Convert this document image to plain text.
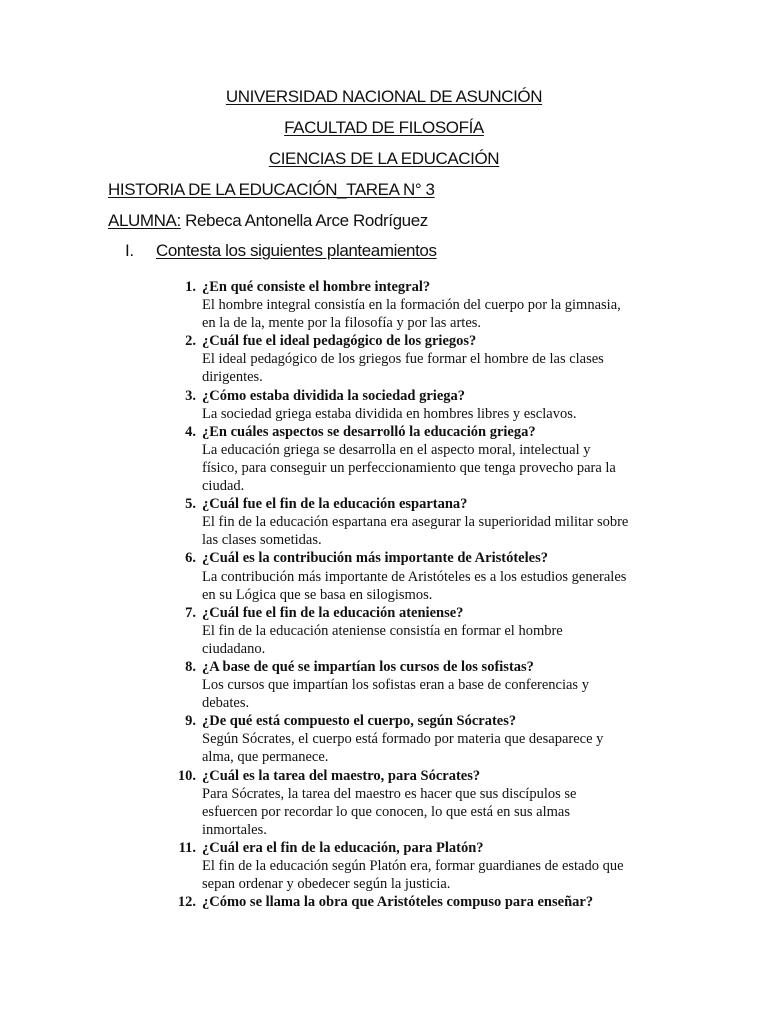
UNIVERSIDAD NACIONAL DE ASUNCIÓN
FACULTAD DE FILOSOFÍA
CIENCIAS DE LA EDUCACIÓN
HISTORIA DE LA EDUCACIÓN_TAREA N° 3
ALUMNA: Rebeca Antonella Arce Rodríguez
I. Contesta los siguientes planteamientos
1. ¿En qué consiste el hombre integral?
El hombre integral consistía en la formación del cuerpo por la gimnasia,
en la de la, mente por la filosofía y por las artes.
2. ¿Cuál fue el ideal pedagógico de los griegos?
El ideal pedagógico de los griegos fue formar el hombre de las clases
dirigentes.
3. ¿Cómo estaba dividida la sociedad griega?
La sociedad griega estaba dividida en hombres libres y esclavos.
4. ¿En cuáles aspectos se desarrolló la educación griega?
La educación griega se desarrolla en el aspecto moral, intelectual y
físico, para conseguir un perfeccionamiento que tenga provecho para la
ciudad.
5. ¿Cuál fue el fin de la educación espartana?
El fin de la educación espartana era asegurar la superioridad militar sobre
las clases sometidas.
6. ¿Cuál es la contribución más importante de Aristóteles?
La contribución más importante de Aristóteles es a los estudios generales
en su Lógica que se basa en silogismos.
7. ¿Cuál fue el fin de la educación ateniense?
El fin de la educación ateniense consistía en formar el hombre
ciudadano.
8. ¿A base de qué se impartían los cursos de los sofistas?
Los cursos que impartían los sofistas eran a base de conferencias y
debates.
9. ¿De qué está compuesto el cuerpo, según Sócrates?
Según Sócrates, el cuerpo está formado por materia que desaparece y
alma, que permanece.
10. ¿Cuál es la tarea del maestro, para Sócrates?
Para Sócrates, la tarea del maestro es hacer que sus discípulos se
esfuercen por recordar lo que conocen, lo que está en sus almas
inmortales.
11. ¿Cuál era el fin de la educación, para Platón?
El fin de la educación según Platón era, formar guardianes de estado que
sepan ordenar y obedecer según la justicia.
12. ¿Cómo se llama la obra que Aristóteles compuso para enseñar?
